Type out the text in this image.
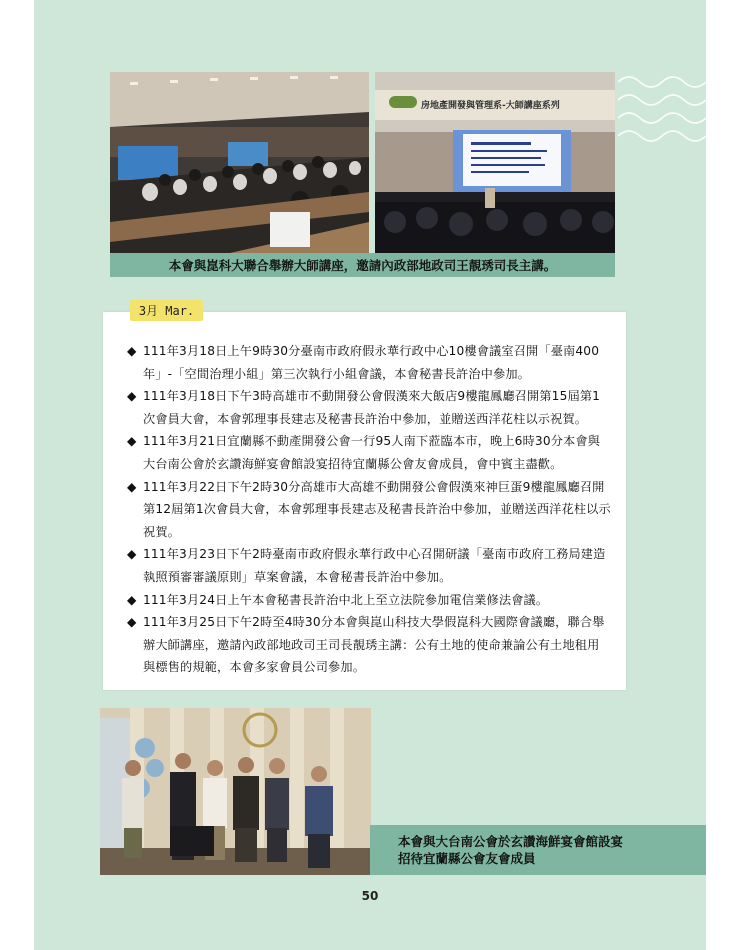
房地產開發與管理系-大師講座系列
本會與崑科大聯合舉辦大師講座，邀請內政部地政司王靚琇司長主講。
3月 Mar.

◆ 111年3月18日上午9時30分臺南市政府假永華行政中心10樓會議室召開「臺南400年」-「空間治理小組」第三次執行小組會議，本會秘書長許治中參加。

◆ 111年3月18日下午3時高雄市不動開發公會假漢來大飯店9樓龍鳳廳召開第15屆第1次會員大會，本會郭理事長建志及秘書長許治中參加，並贈送西洋花柱以示祝賀。

◆ 111年3月21日宜蘭縣不動產開發公會一行95人南下蒞臨本市，晚上6時30分本會與大台南公會於玄讚海鮮宴會館設宴招待宜蘭縣公會友會成員，會中賓主盡歡。

◆ 111年3月22日下午2時30分高雄市大高雄不動開發公會假漢來神巨蛋9樓龍鳳廳召開第12屆第1次會員大會，本會郭理事長建志及秘書長許治中參加，並贈送西洋花柱以示祝賀。

◆ 111年3月23日下午2時臺南市政府假永華行政中心召開研議「臺南市政府工務局建造執照預審審議原則」草案會議，本會秘書長許治中參加。

◆ 111年3月24日上午本會秘書長許治中北上至立法院參加電信業修法會議。

◆ 111年3月25日下午2時至4時30分本會與崑山科技大學假崑科大國際會議廳，聯合舉辦大師講座，邀請內政部地政司王司長靚琇主講：公有土地的使命兼論公有土地租用與標售的規範，本會多家會員公司參加。

本會與大台南公會於玄讚海鮮宴會館設宴
招待宜蘭縣公會友會成員
50
